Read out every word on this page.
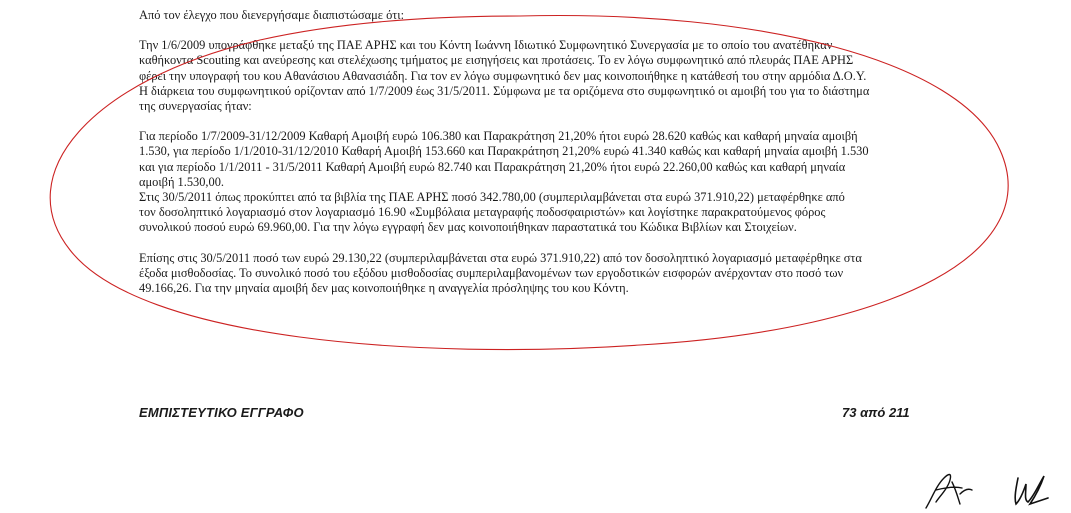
Από τον έλεγχο που διενεργήσαμε διαπιστώσαμε ότι:

Την 1/6/2009 υπογράφθηκε μεταξύ της ΠΑΕ ΑΡΗΣ και του Κόντη Ιωάννη Ιδιωτικό Συμφωνητικό Συνεργασία με το οποίο του ανατέθηκαν
καθήκοντα Scouting και ανεύρεσης και στελέχωσης τμήματος με εισηγήσεις και προτάσεις. Το εν λόγω συμφωνητικό από πλευράς ΠΑΕ ΑΡΗΣ
φέρει την υπογραφή του κου Αθανάσιου Αθανασιάδη. Για τον εν λόγω συμφωνητικό δεν μας κοινοποιήθηκε η κατάθεσή του στην αρμόδια Δ.Ο.Υ.
Η διάρκεια του συμφωνητικού ορίζονταν από 1/7/2009 έως 31/5/2011. Σύμφωνα με τα οριζόμενα στο συμφωνητικό οι αμοιβή του για το διάστημα
της συνεργασίας ήταν:

Για περίοδο 1/7/2009-31/12/2009 Καθαρή Αμοιβή ευρώ 106.380 και Παρακράτηση 21,20% ήτοι ευρώ 28.620 καθώς και καθαρή μηναία αμοιβή
1.530, για περίοδο 1/1/2010-31/12/2010 Καθαρή Αμοιβή 153.660 και Παρακράτηση 21,20% ευρώ 41.340 καθώς και καθαρή μηναία αμοιβή 1.530
και για περίοδο 1/1/2011 - 31/5/2011 Καθαρή Αμοιβή ευρώ 82.740 και Παρακράτηση 21,20% ήτοι ευρώ 22.260,00 καθώς και καθαρή μηναία
αμοιβή 1.530,00.
Στις 30/5/2011 όπως προκύπτει από τα βιβλία της ΠΑΕ ΑΡΗΣ ποσό 342.780,00 (συμπεριλαμβάνεται στα ευρώ 371.910,22) μεταφέρθηκε από
τον δοσοληπτικό λογαριασμό στον λογαριασμό 16.90 «Συμβόλαια μεταγραφής ποδοσφαιριστών» και λογίστηκε παρακρατούμενος φόρος
συνολικού ποσού ευρώ 69.960,00. Για την λόγω εγγραφή δεν μας κοινοποιήθηκαν παραστατικά του Κώδικα Βιβλίων και Στοιχείων.

Επίσης στις 30/5/2011 ποσό των ευρώ 29.130,22 (συμπεριλαμβάνεται στα ευρώ 371.910,22) από τον δοσοληπτικό λογαριασμό μεταφέρθηκε στα
έξοδα μισθοδοσίας. Το συνολικό ποσό του εξόδου μισθοδοσίας συμπεριλαμβανομένων των εργοδοτικών εισφορών ανέρχονταν στο ποσό των
49.166,26. Για την μηναία αμοιβή δεν μας κοινοποιήθηκε η αναγγελία πρόσληψης του κου Κόντη.

ΕΜΠΙΣΤΕΥΤΙΚΟ ΕΓΓΡΑΦΟ	73 από 211
